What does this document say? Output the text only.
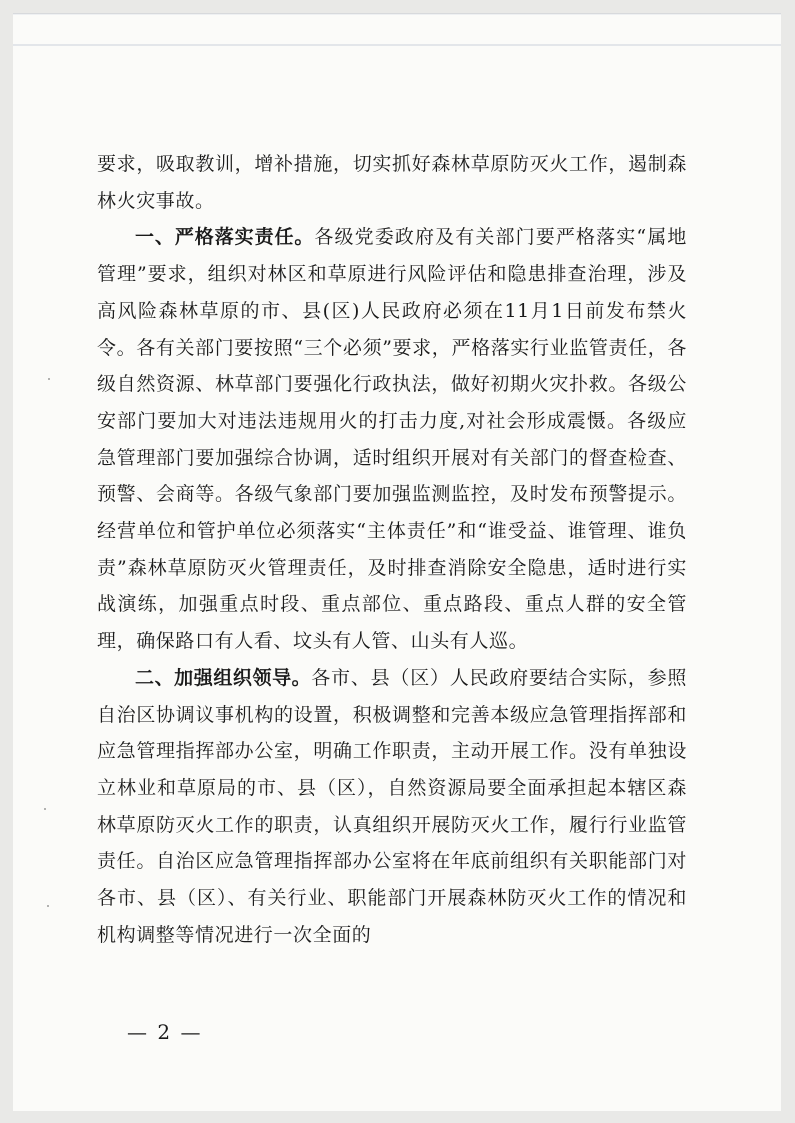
要求，吸取教训，增补措施，切实抓好森林草原防灭火工作，遏制森林火灾事故。

一、严格落实责任。各级党委政府及有关部门要严格落实“属地管理”要求，组织对林区和草原进行风险评估和隐患排查治理，涉及高风险森林草原的市、县(区)人民政府必须在11月1日前发布禁火令。各有关部门要按照“三个必须”要求，严格落实行业监管责任，各级自然资源、林草部门要强化行政执法，做好初期火灾扑救。各级公安部门要加大对违法违规用火的打击力度,对社会形成震慑。各级应急管理部门要加强综合协调，适时组织开展对有关部门的督查检查、预警、会商等。各级气象部门要加强监测监控，及时发布预警提示。经营单位和管护单位必须落实“主体责任”和“谁受益、谁管理、谁负责”森林草原防灭火管理责任，及时排查消除安全隐患，适时进行实战演练，加强重点时段、重点部位、重点路段、重点人群的安全管理，确保路口有人看、坟头有人管、山头有人巡。

二、加强组织领导。各市、县（区）人民政府要结合实际，参照自治区协调议事机构的设置，积极调整和完善本级应急管理指挥部和应急管理指挥部办公室，明确工作职责，主动开展工作。没有单独设立林业和草原局的市、县（区），自然资源局要全面承担起本辖区森林草原防灭火工作的职责，认真组织开展防灭火工作，履行行业监管责任。自治区应急管理指挥部办公室将在年底前组织有关职能部门对各市、县（区）、有关行业、职能部门开展森林防灭火工作的情况和机构调整等情况进行一次全面的

— 2 —
